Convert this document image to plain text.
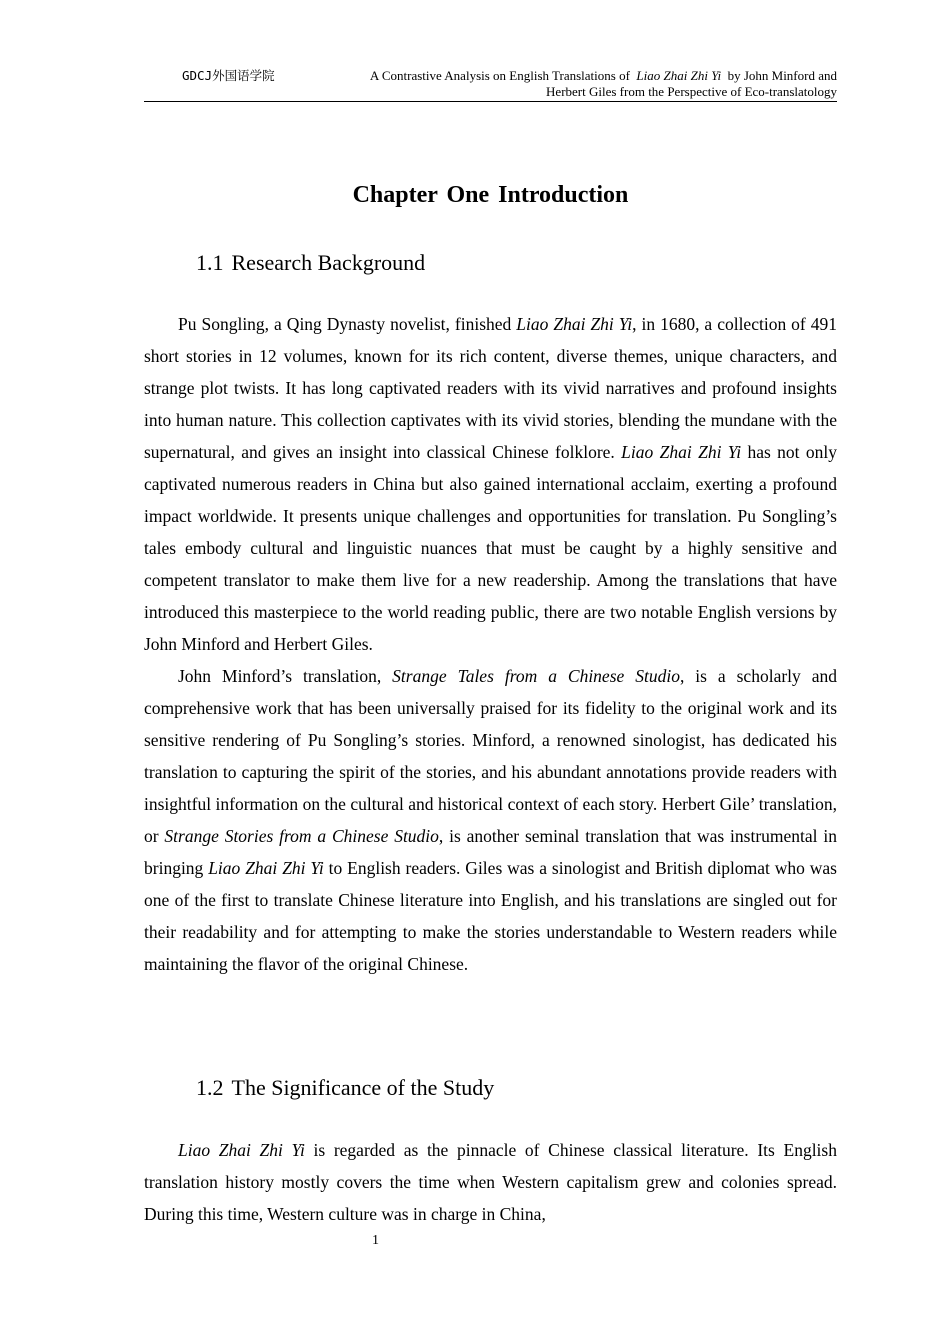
GDCJ外国语学院	A Contrastive Analysis on English Translations of Liao Zhai Zhi Yi by John Minford and
Herbert Giles from the Perspective of Eco-translatology
Chapter One Introduction
1.1 Research Background

Pu Songling, a Qing Dynasty novelist, finished Liao Zhai Zhi Yi, in 1680, a collection of 491 short stories in 12 volumes, known for its rich content, diverse themes, unique characters, and strange plot twists. It has long captivated readers with its vivid narratives and profound insights into human nature. This collection captivates with its vivid stories, blending the mundane with the supernatural, and gives an insight into classical Chinese folklore. Liao Zhai Zhi Yi has not only captivated numerous readers in China but also gained international acclaim, exerting a profound impact worldwide. It presents unique challenges and opportunities for translation. Pu Songling’s tales embody cultural and linguistic nuances that must be caught by a highly sensitive and competent translator to make them live for a new readership. Among the translations that have introduced this masterpiece to the world reading public, there are two notable English versions by John Minford and Herbert Giles.

John Minford’s translation, Strange Tales from a Chinese Studio, is a scholarly and comprehensive work that has been universally praised for its fidelity to the original work and its sensitive rendering of Pu Songling’s stories. Minford, a renowned sinologist, has dedicated his translation to capturing the spirit of the stories, and his abundant annotations provide readers with insightful information on the cultural and historical context of each story. Herbert Gile’ translation, or Strange Stories from a Chinese Studio, is another seminal translation that was instrumental in bringing Liao Zhai Zhi Yi to English readers. Giles was a sinologist and British diplomat who was one of the first to translate Chinese literature into English, and his translations are singled out for their readability and for attempting to make the stories understandable to Western readers while maintaining the flavor of the original Chinese.

1.2 The Significance of the Study

Liao Zhai Zhi Yi is regarded as the pinnacle of Chinese classical literature. Its English translation history mostly covers the time when Western capitalism grew and colonies spread. During this time, Western culture was in charge in China,

1
